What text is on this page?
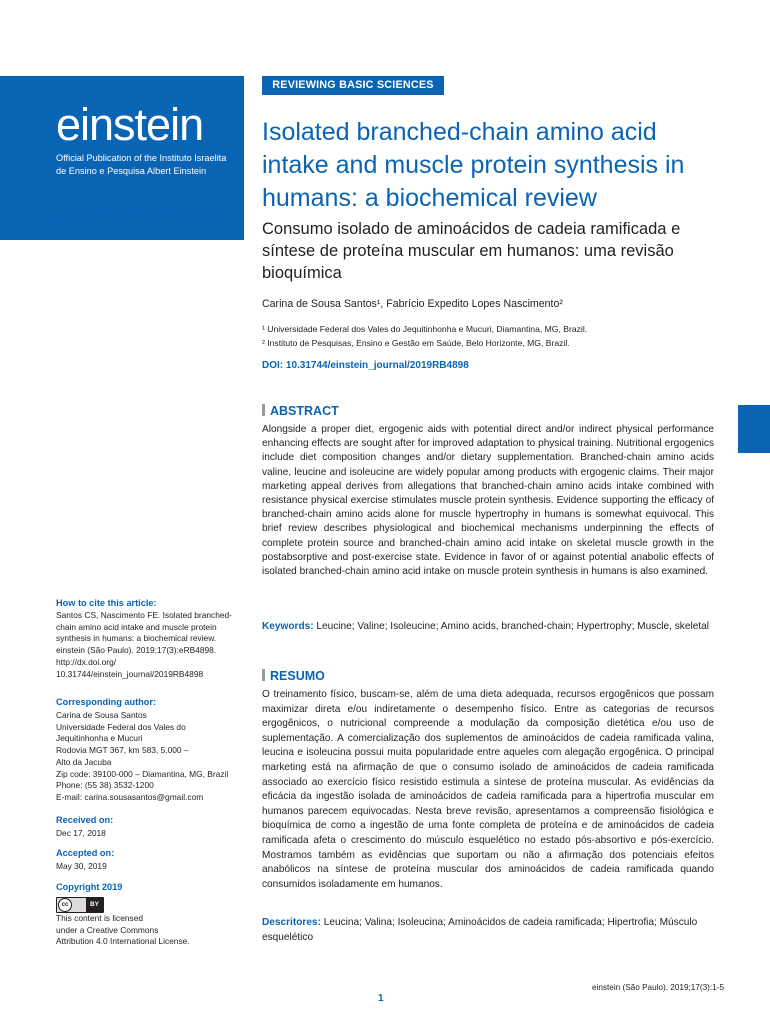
einstein
Official Publication of the Instituto Israelita de Ensino e Pesquisa Albert Einstein
ISSN: 1679-4508 | e-ISSN: 2317-6385
REVIEWING BASIC SCIENCES
Isolated branched-chain amino acid intake and muscle protein synthesis in humans: a biochemical review
Consumo isolado de aminoácidos de cadeia ramificada e síntese de proteína muscular em humanos: uma revisão bioquímica
Carina de Sousa Santos¹, Fabrício Expedito Lopes Nascimento²
¹ Universidade Federal dos Vales do Jequitinhonha e Mucuri, Diamantina, MG, Brazil.
² Instituto de Pesquisas, Ensino e Gestão em Saúde, Belo Horizonte, MG, Brazil.
DOI: 10.31744/einstein_journal/2019RB4898
ABSTRACT
Alongside a proper diet, ergogenic aids with potential direct and/or indirect physical performance enhancing effects are sought after for improved adaptation to physical training. Nutritional ergogenics include diet composition changes and/or dietary supplementation. Branched-chain amino acids valine, leucine and isoleucine are widely popular among products with ergogenic claims. Their major marketing appeal derives from allegations that branched-chain amino acids intake combined with resistance physical exercise stimulates muscle protein synthesis. Evidence supporting the efficacy of branched-chain amino acids alone for muscle hypertrophy in humans is somewhat equivocal. This brief review describes physiological and biochemical mechanisms underpinning the effects of complete protein source and branched-chain amino acid intake on skeletal muscle growth in the postabsorptive and post-exercise state. Evidence in favor of or against potential anabolic effects of isolated branched-chain amino acid intake on muscle protein synthesis in humans is also examined.
Keywords: Leucine; Valine; Isoleucine; Amino acids, branched-chain; Hypertrophy; Muscle, skeletal
RESUMO
O treinamento físico, buscam-se, além de uma dieta adequada, recursos ergogênicos que possam maximizar direta e/ou indiretamente o desempenho físico. Entre as categorias de recursos ergogênicos, o nutricional compreende a modulação da composição dietética e/ou uso de suplementação. A comercialização dos suplementos de aminoácidos de cadeia ramificada valina, leucina e isoleucina possui muita popularidade entre aqueles com alegação ergogênica. O principal marketing está na afirmação de que o consumo isolado de aminoácidos de cadeia ramificada associado ao exercício físico resistido estimula a síntese de proteína muscular. As evidências da eficácia da ingestão isolada de aminoácidos de cadeia ramificada para a hipertrofia muscular em humanos parecem equivocadas. Nesta breve revisão, apresentamos a compreensão fisiológica e bioquímica de como a ingestão de uma fonte completa de proteína e de aminoácidos de cadeia ramificada afeta o crescimento do músculo esquelético no estado pós-absortivo e pós-exercício. Mostramos também as evidências que suportam ou não a afirmação dos potenciais efeitos anabólicos na síntese de proteína muscular dos aminoácidos de cadeia ramificada quando consumidos isoladamente em humanos.
Descritores: Leucina; Valina; Isoleucina; Aminoácidos de cadeia ramificada; Hipertrofia; Músculo esquelético
How to cite this article:
Santos CS, Nascimento FE. Isolated branched-chain amino acid intake and muscle protein synthesis in humans: a biochemical review. einstein (São Paulo). 2019;17(3):eRB4898. http://dx.doi.org/ 10.31744/einstein_journal/2019RB4898
Corresponding author:
Carina de Sousa Santos
Universidade Federal dos Vales do
Jequitinhonha e Mucuri
Rodovia MGT 367, km 583, 5.000 –
Alto da Jacuba
Zip code: 39100-000 – Diamantina, MG, Brazil
Phone: (55 38) 3532-1200
E-mail: carina.sousasantos@gmail.com
Received on:
Dec 17, 2018
Accepted on:
May 30, 2019
Copyright 2019
cc	BY
This content is licensed
under a Creative Commons
Attribution 4.0 International License.
1
einstein (São Paulo). 2019;17(3):1-5
